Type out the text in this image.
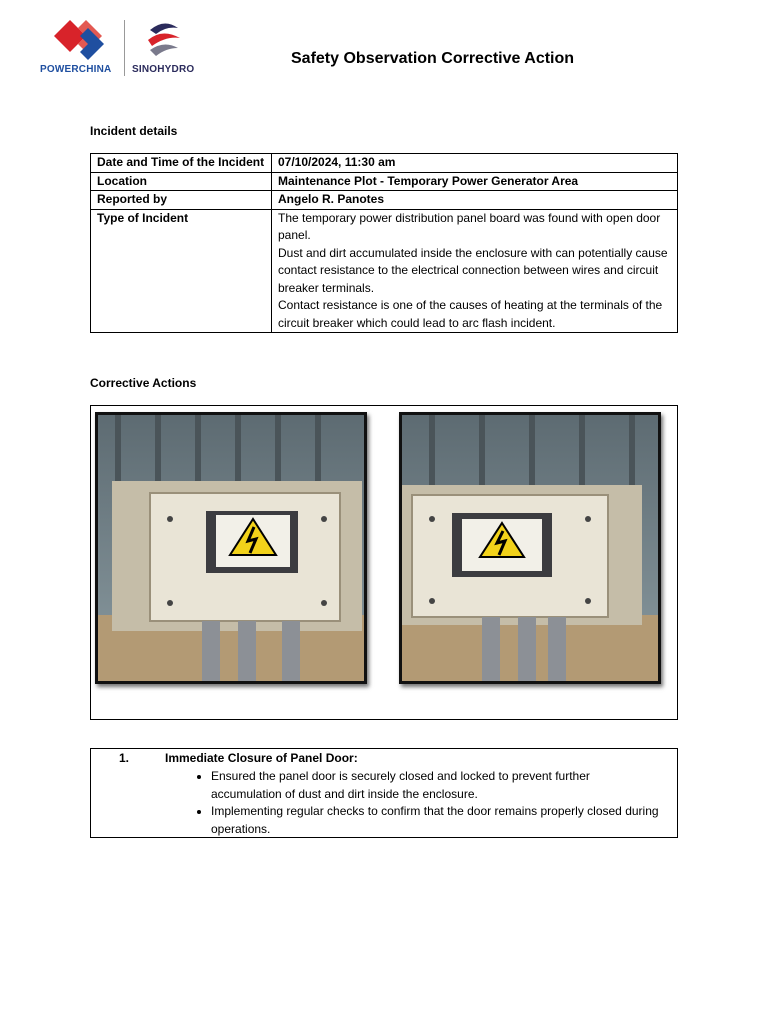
POWERCHINA SINOHYDRO
Safety Observation Corrective Action
Incident details
Date and Time of the Incident	07/10/2024, 11:30 am
Location	Maintenance Plot - Temporary Power Generator Area
Reported by	Angelo R. Panotes
Type of Incident	The temporary power distribution panel board was found with open door panel.
Dust and dirt accumulated inside the enclosure with can potentially cause contact resistance to the electrical connection between wires and circuit breaker terminals.
Contact resistance is one of the causes of heating at the terminals of the circuit breaker which could lead to arc flash incident.
Corrective Actions
1.	Immediate Closure of Panel Door:
• Ensured the panel door is securely closed and locked to prevent further accumulation of dust and dirt inside the enclosure.
• Implementing regular checks to confirm that the door remains properly closed during operations.
